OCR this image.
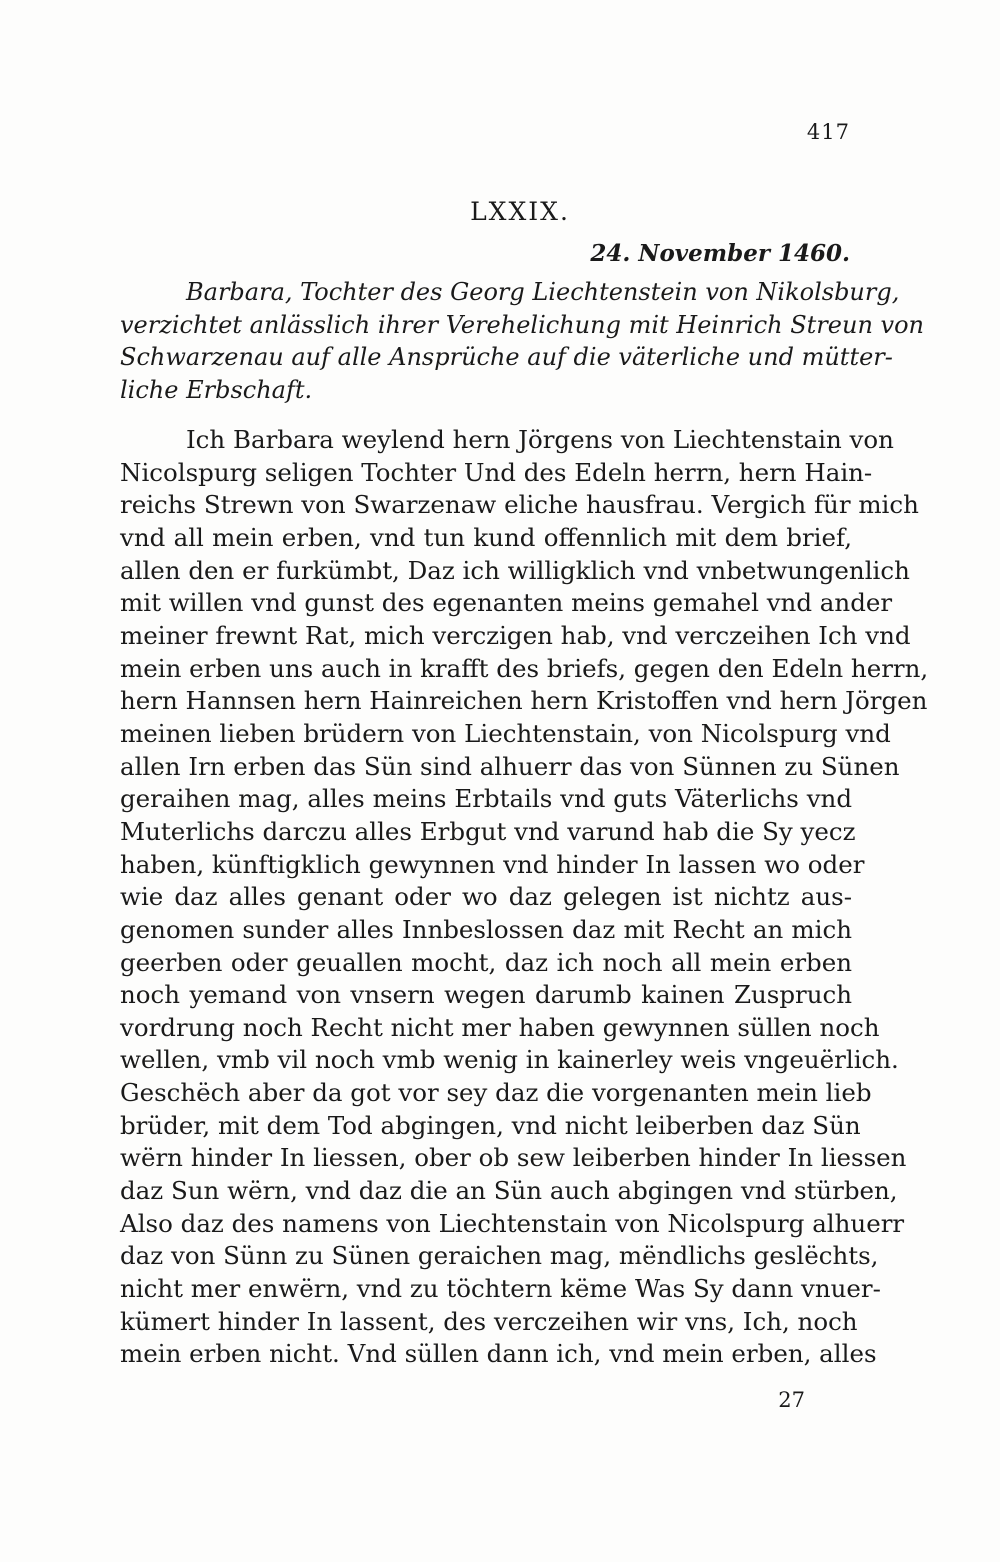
417
LXXIX.
24. November 1460.
Barbara, Tochter des Georg Liechtenstein von Nikolsburg,
verzichtet anlässlich ihrer Verehelichung mit Heinrich Streun von
Schwarzenau auf alle Ansprüche auf die väterliche und mütter-
liche Erbschaft.
Ich Barbara weylend hern Jörgens von Liechtenstain von
Nicolspurg seligen Tochter Und des Edeln herrn, hern Hain-
reichs Strewn von Swarzenaw eliche hausfrau. Vergich für mich
vnd all mein erben, vnd tun kund offennlich mit dem brief,
allen den er furkümbt, Daz ich willigklich vnd vnbetwungenlich
mit willen vnd gunst des egenanten meins gemahel vnd ander
meiner frewnt Rat, mich verczigen hab, vnd verczeihen Ich vnd
mein erben uns auch in krafft des briefs, gegen den Edeln herrn,
hern Hannsen hern Hainreichen hern Kristoffen vnd hern Jörgen
meinen lieben brüdern von Liechtenstain, von Nicolspurg vnd
allen Irn erben das Sün sind alhuerr das von Sünnen zu Sünen
geraihen mag, alles meins Erbtails vnd guts Väterlichs vnd
Muterlichs darczu alles Erbgut vnd varund hab die Sy yecz
haben, künftigklich gewynnen vnd hinder In lassen wo oder
wie daz alles genant oder wo daz gelegen ist nichtz aus-
genomen sunder alles Innbeslossen daz mit Recht an mich
geerben oder geuallen mocht, daz ich noch all mein erben
noch yemand von vnsern wegen darumb kainen Zuspruch
vordrung noch Recht nicht mer haben gewynnen süllen noch
wellen, vmb vil noch vmb wenig in kainerley weis vngeuërlich.
Geschëch aber da got vor sey daz die vorgenanten mein lieb
brüder, mit dem Tod abgingen, vnd nicht leiberben daz Sün
wërn hinder In liessen, ober ob sew leiberben hinder In liessen
daz Sun wërn, vnd daz die an Sün auch abgingen vnd stürben,
Also daz des namens von Liechtenstain von Nicolspurg alhuerr
daz von Sünn zu Sünen geraichen mag, mëndlichs geslëchts,
nicht mer enwërn, vnd zu töchtern këme Was Sy dann vnuer-
kümert hinder In lassent, des verczeihen wir vns, Ich, noch
mein erben nicht. Vnd süllen dann ich, vnd mein erben, alles
27
